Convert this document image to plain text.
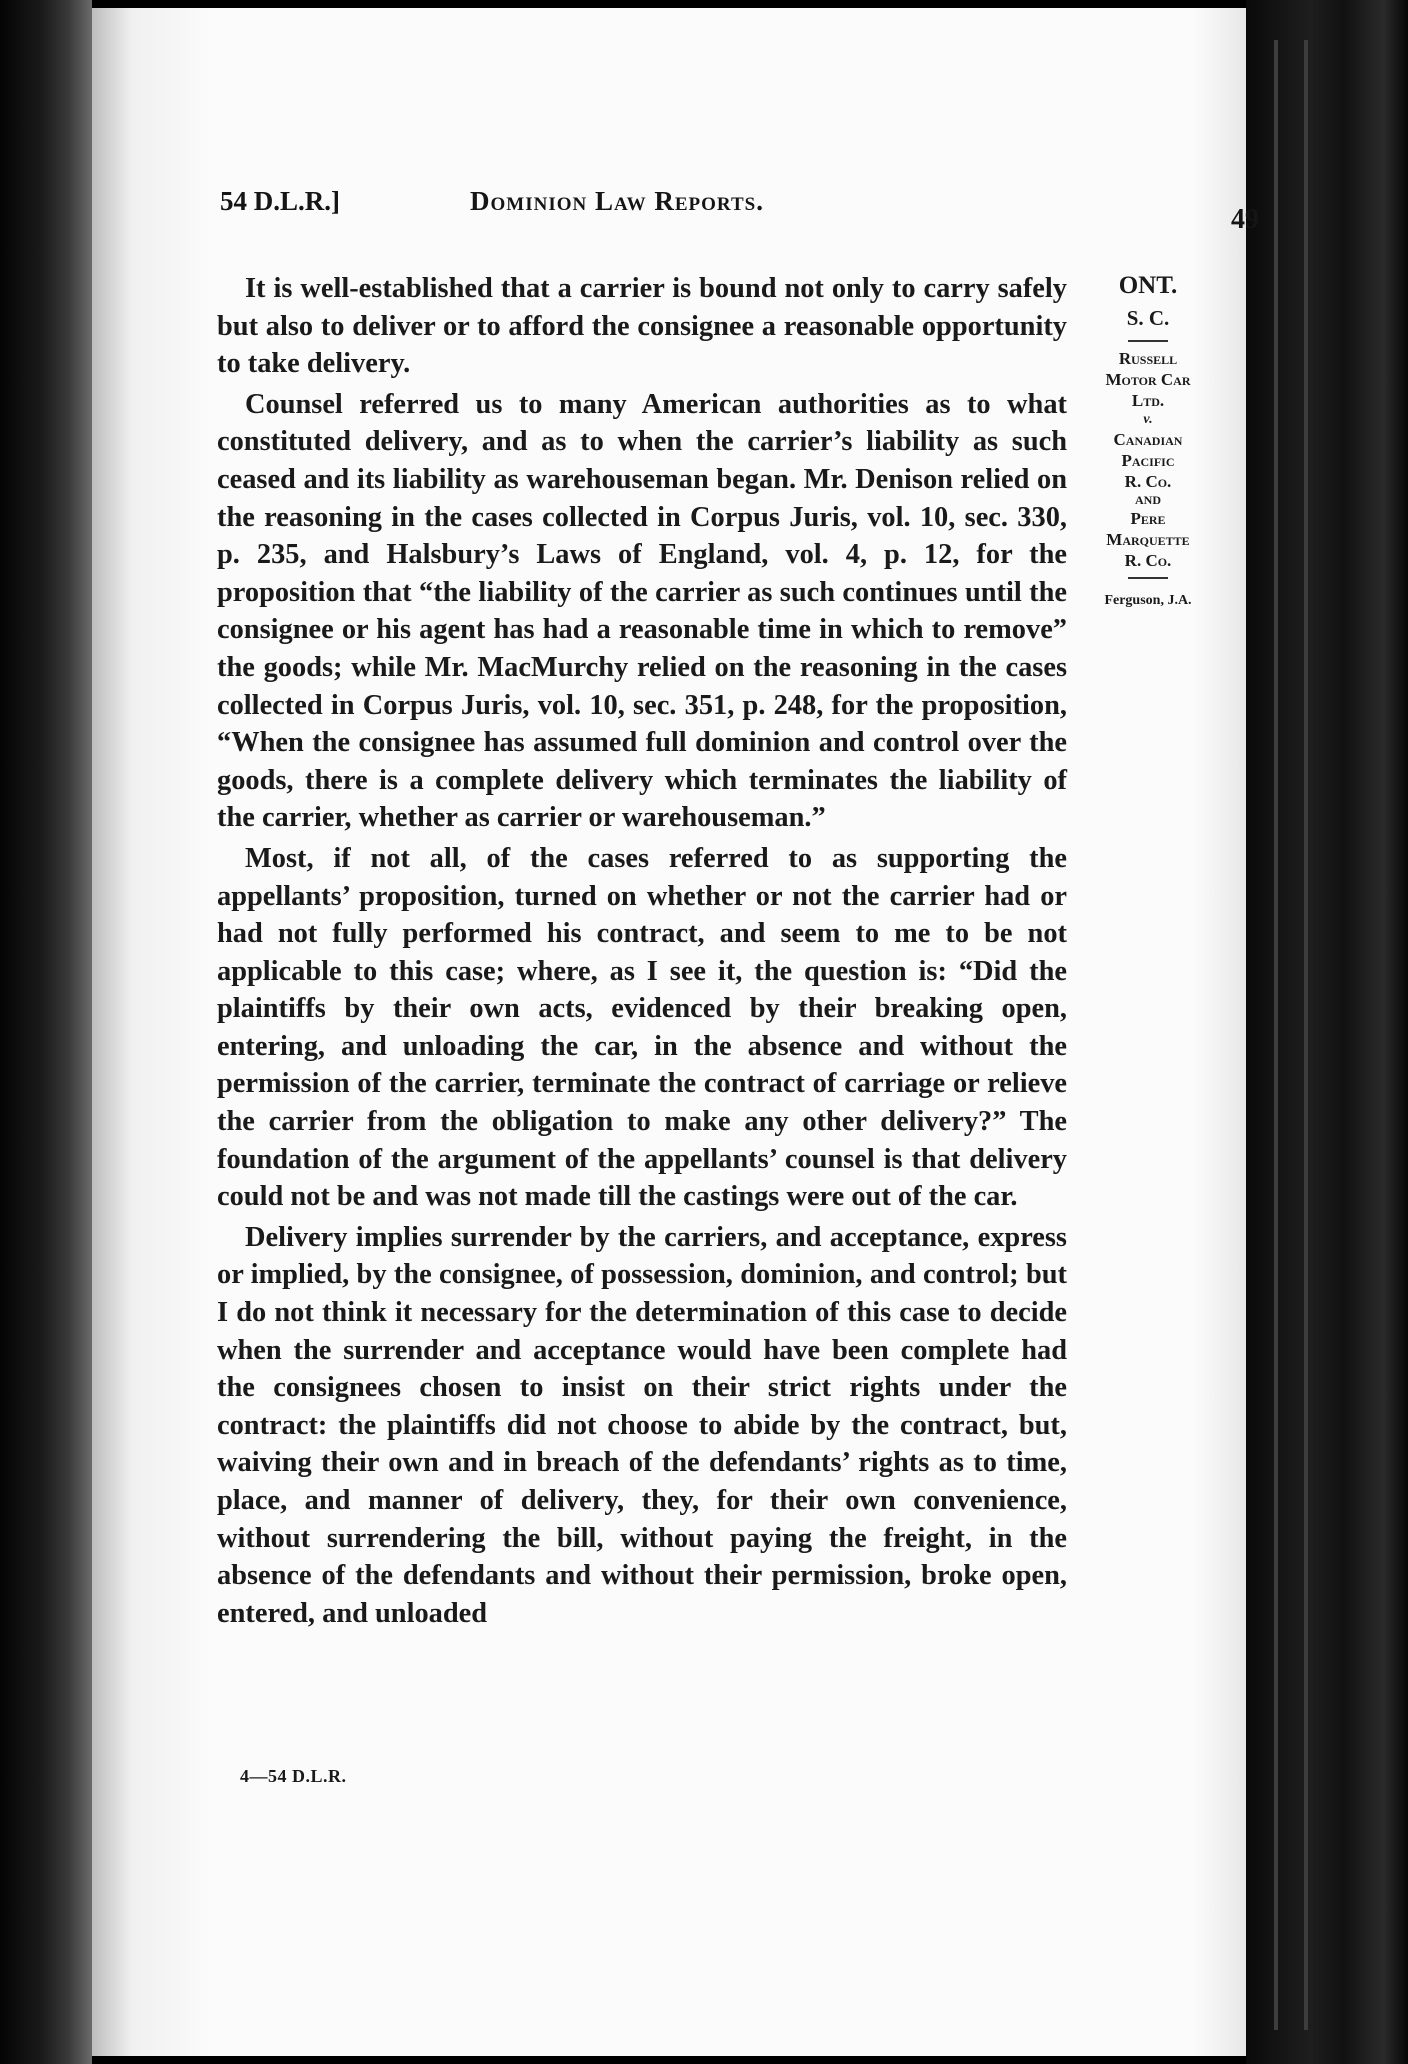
54 D.L.R.]	Dominion Law Reports.
49

It is well-established that a carrier is bound not only to carry safely but also to deliver or to afford the consignee a reasonable opportunity to take delivery.

Counsel referred us to many American authorities as to what constituted delivery, and as to when the carrier’s liability as such ceased and its liability as warehouseman began. Mr. Denison relied on the reasoning in the cases collected in Corpus Juris, vol. 10, sec. 330, p. 235, and Halsbury’s Laws of England, vol. 4, p. 12, for the proposition that “the liability of the carrier as such continues until the consignee or his agent has had a reasonable time in which to remove” the goods; while Mr. MacMurchy relied on the reasoning in the cases collected in Corpus Juris, vol. 10, sec. 351, p. 248, for the proposition, “When the consignee has assumed full dominion and control over the goods, there is a complete delivery which terminates the liability of the carrier, whether as carrier or warehouseman.”

Most, if not all, of the cases referred to as supporting the appellants’ proposition, turned on whether or not the carrier had or had not fully performed his contract, and seem to me to be not applicable to this case; where, as I see it, the question is: “Did the plaintiffs by their own acts, evidenced by their breaking open, entering, and unloading the car, in the absence and without the permission of the carrier, terminate the contract of carriage or relieve the carrier from the obligation to make any other delivery?” The foundation of the argument of the appellants’ counsel is that delivery could not be and was not made till the castings were out of the car.

Delivery implies surrender by the carriers, and acceptance, express or implied, by the consignee, of possession, dominion, and control; but I do not think it necessary for the determination of this case to decide when the surrender and acceptance would have been complete had the consignees chosen to insist on their strict rights under the contract: the plaintiffs did not choose to abide by the contract, but, waiving their own and in breach of the defendants’ rights as to time, place, and manner of delivery, they, for their own convenience, without surrendering the bill, without paying the freight, in the absence of the defendants and without their permission, broke open, entered, and unloaded

ONT.
S. C.
Russell
Motor Car
Ltd.
v.
Canadian
Pacific
R. Co.
AND
Pere
Marquette
R. Co.
Ferguson, J.A.
4—54 D.L.R.
